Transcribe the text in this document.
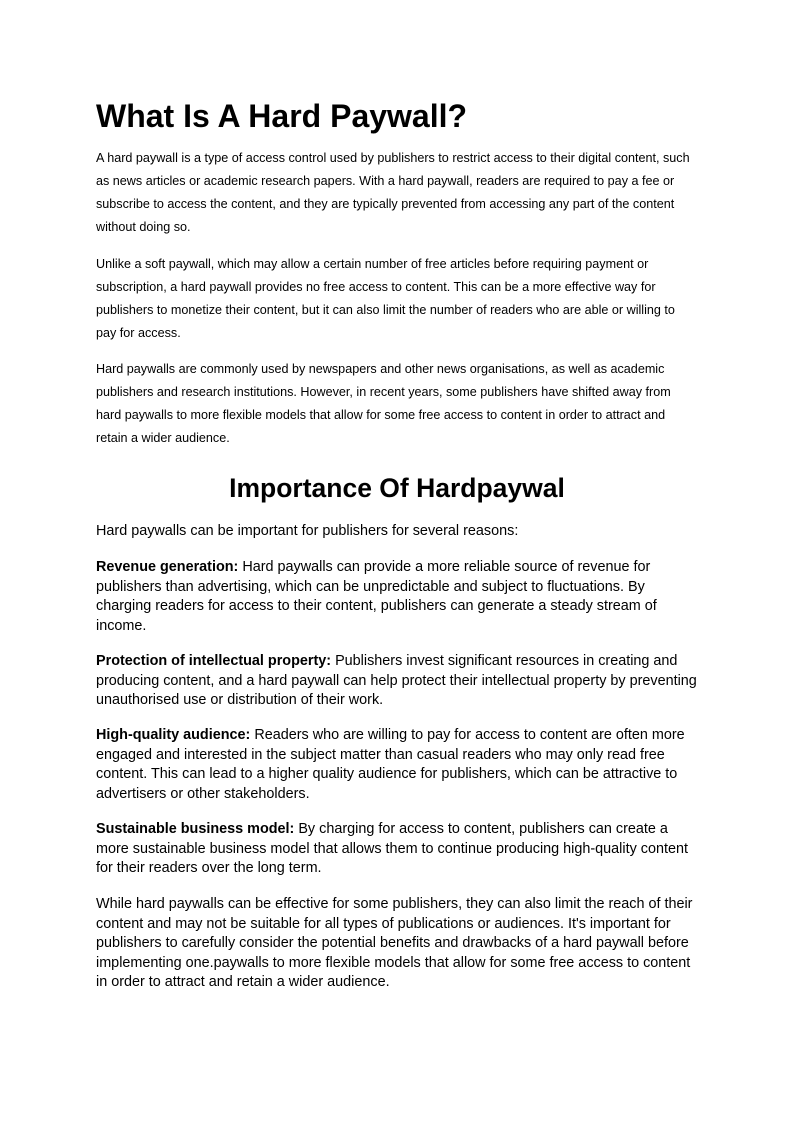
What Is A Hard Paywall?

A hard paywall is a type of access control used by publishers to restrict access to their digital content, such as news articles or academic research papers. With a hard paywall, readers are required to pay a fee or subscribe to access the content, and they are typically prevented from accessing any part of the content without doing so.

Unlike a soft paywall, which may allow a certain number of free articles before requiring payment or subscription, a hard paywall provides no free access to content. This can be a more effective way for publishers to monetize their content, but it can also limit the number of readers who are able or willing to pay for access.

Hard paywalls are commonly used by newspapers and other news organisations, as well as academic publishers and research institutions. However, in recent years, some publishers have shifted away from hard paywalls to more flexible models that allow for some free access to content in order to attract and retain a wider audience.

Importance Of Hardpaywal

Hard paywalls can be important for publishers for several reasons:

Revenue generation: Hard paywalls can provide a more reliable source of revenue for publishers than advertising, which can be unpredictable and subject to fluctuations. By charging readers for access to their content, publishers can generate a steady stream of income.

Protection of intellectual property: Publishers invest significant resources in creating and producing content, and a hard paywall can help protect their intellectual property by preventing unauthorised use or distribution of their work.

High-quality audience: Readers who are willing to pay for access to content are often more engaged and interested in the subject matter than casual readers who may only read free content. This can lead to a higher quality audience for publishers, which can be attractive to advertisers or other stakeholders.

Sustainable business model: By charging for access to content, publishers can create a more sustainable business model that allows them to continue producing high-quality content for their readers over the long term.

While hard paywalls can be effective for some publishers, they can also limit the reach of their content and may not be suitable for all types of publications or audiences. It's important for publishers to carefully consider the potential benefits and drawbacks of a hard paywall before implementing one.paywalls to more flexible models that allow for some free access to content in order to attract and retain a wider audience.
